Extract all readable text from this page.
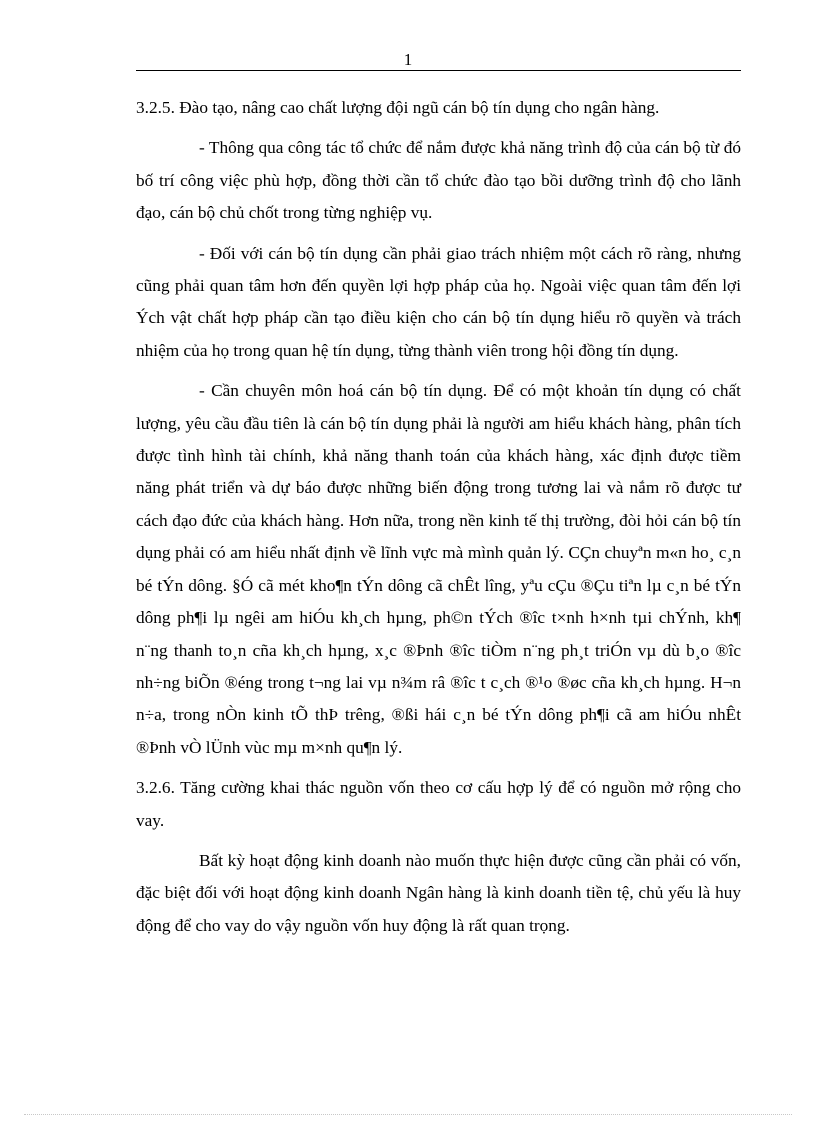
1

3.2.5. Đào tạo, nâng cao chất lượng đội ngũ cán bộ tín dụng cho ngân hàng.

- Thông qua công tác tổ chức để nắm được khả năng trình độ của cán bộ từ đó bố trí công việc phù hợp, đồng thời cần tổ chức đào tạo bồi dưỡng trình độ cho lãnh đạo, cán bộ chủ chốt trong từng nghiệp vụ.

- Đối với cán bộ tín dụng cần phải giao trách nhiệm một cách rõ ràng, nhưng cũng phải quan tâm hơn đến quyền lợi hợp pháp của họ. Ngoài việc quan tâm đến lợi Ých vật chất hợp pháp cần tạo điều kiện cho cán bộ tín dụng hiểu rõ quyền và trách nhiệm của họ trong quan hệ tín dụng, từng thành viên trong hội đồng tín dụng.

- Cần chuyên môn hoá cán bộ tín dụng. Để có một khoản tín dụng có chất lượng, yêu cầu đầu tiên là cán bộ tín dụng phải là người am hiểu khách hàng, phân tích được tình hình tài chính, khả năng thanh toán của khách hàng, xác định được tiềm năng phát triển và dự báo được những biến động trong tương lai và nắm rõ được tư cách đạo đức của khách hàng. Hơn nữa, trong nền kinh tế thị trường, đòi hỏi cán bộ tín dụng phải có am hiểu nhất định về lĩnh vực mà mình quản lý. CÇn chuyªn m«n ho¸ c¸n bé tÝn dông. §Ó cã mét kho¶n tÝn dông cã chÊt lîng, yªu cÇu ®Çu tiªn lµ c¸n bé tÝn dông ph¶i lµ ngêi am hiÓu kh¸ch hµng, ph©n tÝch ®îc t×nh h×nh tµi chÝnh, kh¶ n¨ng thanh to¸n cña kh¸ch hµng, x¸c ®Þnh ®îc tiÒm n¨ng ph¸t triÓn vµ dù b¸o ®îc nh÷ng biÕn ®éng trong t¬ng lai vµ n¾m râ ®îc t c¸ch ®¹o ®øc cña kh¸ch hµng. H¬n n÷a, trong nÒn kinh tÕ thÞ trêng, ®ßi hái c¸n bé tÝn dông ph¶i cã am hiÓu nhÊt ®Þnh vÒ lÜnh vùc mµ m×nh qu¶n lý.

3.2.6. Tăng cường khai thác nguồn vốn theo cơ cấu hợp lý để có nguồn mở rộng cho vay.

Bất kỳ hoạt động kinh doanh nào muốn thực hiện được cũng cần phải có vốn, đặc biệt đối với hoạt động kinh doanh Ngân hàng là kinh doanh tiền tệ, chủ yếu là huy động để cho vay do vậy nguồn vốn huy động là rất quan trọng.
